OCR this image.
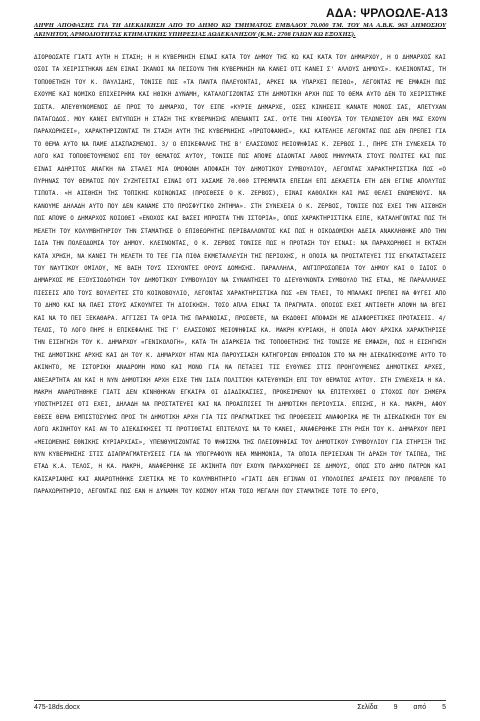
ΑΔΑ: ΨΡΛΟΩΛΕ-Α13
ΛΗΨΗ ΑΠΟΦΑΣΗΣ ΓΙΑ ΤΗ ΔΙΕΚΔΙΚΗΣΗ ΑΠΟ ΤΟ ΔΗΜΟ ΚΩ ΤΜΗΜΑΤΟΣ ΕΜΒΑΔΟΥ 70.000 ΤΜ. ΤΟΥ ΜΑ Α.Β.Κ. 963 ΔΗΜΟΣΙΟΥ ΑΚΙΝΗΤΟΥ, ΑΡΜΟΔΙΟΤΗΤΑΣ ΚΤΗΜΑΤΙΚΗΣ ΥΠΗΡΕΣΙΑΣ ΔΩΔΕΚΑΝΗΣΟΥ (Κ.Μ.: 2708 ΓΑΙΩΝ ΚΩ ΕΞΟΧΗΣ).

ΔΙΟΡΘΩΣΑΤΕ ΓΙΑΤΙ ΑΥΤΗ Η ΣΤΑΣΗ; Η Η ΚΥΒΕΡΝΗΣΗ ΕΙΝΑΙ ΚΑΤΑ ΤΟΥ ΔΗΜΟΥ ΤΗΣ ΚΩ ΚΑΙ ΚΑΤΑ ΤΟΥ ΔΗΜΑΡΧΟΥ, Η Ο ΔΗΜΑΡΧΟΣ ΚΑΙ ΟΣΟΙ ΤΑ ΧΕΙΡΙΣΤΗΚΑΝ ΔΕΝ ΕΙΝΑΙ ΙΚΑΝΟΙ ΝΑ ΠΕΙΣΟΥΝ ΤΗΝ ΚΥΒΕΡΝΗΣΗ ΝΑ ΚΑΝΕΙ ΟΤΙ ΚΑΝΕΙ Σ' ΑΛΛΟΥΣ ΔΗΜΟΥΣ». ΚΛΕΙΝΟΝΤΑΣ, ΤΗ ΤΟΠΟΘΕΤΗΣΗ ΤΟΥ Κ. ΠΑΥΛΙΔΗΣ, ΤΟΝΙΣΕ ΠΩΣ «ΤΑ ΠΑΝΤΑ ΠΑΛΕΥΟΝΤΑΙ, ΑΡΚΕΙ ΝΑ ΥΠΑΡΧΕΙ ΠΕΙΘΩ», ΛΕΓΟΝΤΑΣ ΜΕ ΕΜΦΑΣΗ ΠΩΣ ΕΧΟΥΜΕ ΚΑΙ ΝΟΜΙΚΟ ΕΠΙΧΕΙΡΗΜΑ ΚΑΙ ΗΘΙΚΗ ΔΥΝΑΜΗ, ΚΑΤΑΛΟΓΙΖΟΝΤΑΣ ΣΤΗ ΔΗΜΟΤΙΚΗ ΑΡΧΗ ΠΩΣ ΤΟ ΘΕΜΑ ΑΥΤΟ ΔΕΝ ΤΟ ΧΕΙΡΙΣΤΗΚΕ ΣΩΣΤΑ. ΑΠΕΥΘΥΝΟΜΕΝΟΣ ΔΕ ΠΡΟΣ ΤΟ ΔΗΜΑΡΧΟ, ΤΟΥ ΕΙΠΕ «ΚΥΡΙΕ ΔΗΜΑΡΧΕ, ΟΣΕΣ ΚΙΝΗΣΕΙΣ ΚΑΝΑΤΕ ΜΟΝΟΣ ΣΑΣ, ΑΠΕΤΥΧΑΝ ΠΑΤΑΓΩΔΩΣ. ΜΟΥ ΚΑΝΕΙ ΕΝΤΥΠΩΣΗ Η ΣΤΑΣΗ ΤΗΣ ΚΥΒΕΡΝΗΣΗΣ ΑΠΕΝΑΝΤΙ ΣΑΣ. ΟΥΤΕ ΤΗΝ ΑΙΘΟΥΣΑ ΤΟΥ ΤΕΛΩΝΕΙΟΥ ΔΕΝ ΜΑΣ ΕΧΟΥΝ ΠΑΡΑΧΩΡΗΣΕΙ», ΧΑΡΑΚΤΗΡΙΖΟΝΤΑΣ ΤΗ ΣΤΑΣΗ ΑΥΤΗ ΤΗΣ ΚΥΒΕΡΝΗΣΗΣ «ΠΡΩΤΟΦΑΝΗΣ», ΚΑΙ ΚΑΤΕΛΗΞΕ ΛΕΓΟΝΤΑΣ ΠΩΣ ΔΕΝ ΠΡΕΠΕΙ ΓΙΑ ΤΟ ΘΕΜΑ ΑΥΤΟ ΝΑ ΠΑΜΕ ΔΙΑΣΠΑΣΜΕΝΟΙ. 3/ Ο ΕΠΙΚΕΦΑΛΗΣ ΤΗΣ Β' ΕΛΑΣΣΟΝΟΣ ΜΕΙΟΨΗΦΙΑΣ Κ. ΖΕΡΒΟΣ Ι., ΠΗΡΕ ΣΤΗ ΣΥΝΕΧΕΙΑ ΤΟ ΛΟΓΟ ΚΑΙ ΤΟΠΟΘΕΤΟΥΜΕΝΟΣ ΕΠΙ ΤΟΥ ΘΕΜΑΤΟΣ ΑΥΤΟΥ, ΤΟΝΙΣΕ ΠΩΣ ΑΠΟΨΕ ΔΙΔΟΝΤΑΙ ΛΑΘΟΣ ΜΗΝΥΜΑΤΑ ΣΤΟΥΣ ΠΟΛΙΤΕΣ ΚΑΙ ΠΩΣ ΕΙΝΑΙ ΑΔΗΡΙΤΟΣ ΑΝΑΓΚΗ ΝΑ ΣΤΑΛΕΙ ΜΙΑ ΟΜΟΦΩΝΗ ΑΠΟΦΑΣΗ ΤΟΥ ΔΗΜΟΤΙΚΟΥ ΣΥΜΒΟΥΛΙΟΥ, ΛΕΓΟΝΤΑΣ ΧΑΡΑΚΤΗΡΙΣΤΙΚΑ ΠΩΣ «Ο ΠΥΡΗΝΑΣ ΤΟΥ ΘΕΜΑΤΟΣ ΠΟΥ ΣΥΖΗΤΕΙΤΑΙ ΕΙΝΑΙ ΟΤΙ ΧΑΣΑΜΕ 70.000 ΣΤΡΕΜΜΑΤΑ ΕΠΕΙΔΗ ΕΠΙ ΔΕΚΑΕΤΙΑ ΕΤΗ ΔΕΝ ΕΓΙΝΕ ΑΠΟΛΥΤΩΣ ΤΙΠΟΤΑ. «Η ΑΙΣΘΗΣΗ ΤΗΣ ΤΟΠΙΚΗΣ ΚΟΙΝΩΝΙΑΣ (ΠΡΟΣΘΕΣΕ Ο Κ. ΖΕΡΒΟΣ), ΕΙΝΑΙ ΚΑΘΟΛΙΚΗ ΚΑΙ ΜΑΣ ΘΕΛΕΙ ΕΝΩΜΕΝΟΥΣ. ΝΑ ΚΑΝΟΥΜΕ ΔΗΛΑΔΗ ΑΥΤΟ ΠΟΥ ΔΕΝ ΚΑΝΑΜΕ ΣΤΟ ΠΡΟΣΦΥΓΙΚΟ ΖΗΤΗΜΑ». ΣΤΗ ΣΥΝΕΧΕΙΑ Ο Κ. ΖΕΡΒΟΣ, ΤΟΝΙΣΕ ΠΩΣ ΕΧΕΙ ΤΗΝ ΑΙΣΘΗΣΗ ΠΩΣ ΑΠΟΨΕ Ο ΔΗΜΑΡΧΟΣ ΝΟΙΩΘΕΙ «ΕΝΟΧΟΣ ΚΑΙ ΒΑΣΕΙ ΜΠΡΟΣΤΑ ΤΗΝ ΙΣΤΟΡΙΑ», ΟΠΩΣ ΧΑΡΑΚΤΗΡΙΣΤΙΚΑ ΕΙΠΕ, ΚΑΤΑΛΗΓΟΝΤΑΣ ΠΩΣ ΤΗ ΜΕΛΕΤΗ ΤΟΥ ΚΟΛΥΜΒΗΤΗΡΙΟΥ ΤΗΝ ΣΤΑΜΑΤΗΣΕ Ο ΕΠΙΘΕΩΡΗΤΗΣ ΠΕΡΙΒΑΛΛΟΝΤΟΣ ΚΑΙ ΠΩΣ Η ΟΙΚΟΔΟΜΙΚΗ ΑΔΕΙΑ ΑΝΑΚΛΗΘΗΚΕ ΑΠΟ ΤΗΝ ΙΔΙΑ ΤΗΝ ΠΟΛΕΟΔΟΜΙΑ ΤΟΥ ΔΗΜΟΥ. ΚΛΕΙΝΟΝΤΑΣ, Ο Κ. ΖΕΡΒΟΣ ΤΟΝΙΣΕ ΠΩΣ Η ΠΡΟΤΑΣΗ ΤΟΥ ΕΙΝΑΙ: ΝΑ ΠΑΡΑΧΩΡΗΘΕΙ Η ΕΚΤΑΣΗ ΚΑΤΑ ΧΡΗΣΗ, ΝΑ ΚΑΝΕΙ ΤΗ ΜΕΛΕΤΗ ΤΟ ΤΕΕ ΓΙΑ ΠΙΘΑ ΕΚΜΕΤΑΛΛΕΥΣΗ ΤΗΣ ΠΕΡΙΟΧΗΣ, Η ΟΠΟΙΑ ΝΑ ΠΡΟΣΤΑΤΕΥΕΙ ΤΙΣ ΕΓΚΑΤΑΣΤΑΣΕΙΣ ΤΟΥ ΝΑΥΤΙΚΟΥ ΟΜΙΛΟΥ, ΜΕ ΒΑΣΗ ΤΟΥΣ ΙΣΧΥΟΝΤΕΣ ΟΡΟΥΣ ΔΟΜΗΣΗΣ. ΠΑΡΑΛΛΗΛΑ, ΑΝΤΙΠΡΟΣΩΠΕΙΑ ΤΟΥ ΔΗΜΟΥ ΚΑΙ Ο ΙΔΙΟΣ Ο ΔΗΜΑΡΧΟΣ ΜΕ ΕΞΟΥΣΙΟΔΟΤΗΣΗ ΤΟΥ ΔΗΜΟΤΙΚΟΥ ΣΥΜΒΟΥΛΙΟΥ ΝΑ ΣΥΝΑΝΤΗΣΕΙ ΤΟ ΔΙΕΥΘΥΝΟΝΤΑ ΣΥΜΒΟΥΛΟ ΤΗΣ ΕΤΑΔ, ΜΕ ΠΑΡΑΛΛΗΛΕΣ ΠΙΕΣΕΙΣ ΑΠΟ ΤΟΥΣ ΒΟΥΛΕΥΤΕΣ ΣΤΟ ΚΟΙΝΟΒΟΥΛΙΟ, ΛΕΓΟΝΤΑΣ ΧΑΡΑΚΤΗΡΙΣΤΙΚΑ ΠΩΣ «ΕΝ ΤΕΛΕΙ, ΤΟ ΜΠΑΛΑΚΙ ΠΡΕΠΕΙ ΝΑ ΦΥΓΕΙ ΑΠΟ ΤΟ ΔΗΜΟ ΚΑΙ ΝΑ ΠΑΕΙ ΣΤΟΥΣ ΑΣΚΟΥΝΤΕΣ ΤΗ ΔΙΟΙΚΗΣΗ. ΤΟΣΟ ΑΠΛΑ ΕΙΝΑΙ ΤΑ ΠΡΑΓΜΑΤΑ. ΟΠΟΙΟΣ ΕΧΕΙ ΑΝΤΙΘΕΤΗ ΑΠΟΨΗ ΝΑ ΒΓΕΙ ΚΑΙ ΝΑ ΤΟ ΠΕΙ ΞΕΚΑΘΑΡΑ. ΑΓΓΙΖΕΙ ΤΑ ΟΡΙΑ ΤΗΣ ΠΑΡΑΝΟΙΑΣ, ΠΡΟΣΘΕΤΕ, ΝΑ ΕΚΔΟΘΕΙ ΑΠΟΦΑΣΗ ΜΕ ΔΙΑΦΟΡΕΤΙΚΕΣ ΠΡΟΤΑΣΕΙΣ. 4/ ΤΕΛΟΣ, ΤΟ ΛΟΓΟ ΠΗΡΕ Η ΕΠΙΚΕΦΑΛΗΣ ΤΗΣ Γ' ΕΛΑΣΣΟΝΟΣ ΜΕΙΟΨΗΦΙΑΣ ΚΑ. ΜΑΚΡΗ ΚΥΡΙΑΚΗ, Η ΟΠΟΙΑ ΑΦΟΥ ΑΡΧΙΚΑ ΧΑΡΑΚΤΗΡΙΣΕ ΤΗΝ ΕΙΣΗΓΗΣΗ ΤΟΥ Κ. ΔΗΜΑΡΧΟΥ «ΓΕΝΙΚΟΛΟΓΗ», ΚΑΤΑ ΤΗ ΔΙΑΡΚΕΙΑ ΤΗΣ ΤΟΠΟΘΕΤΗΣΗΣ ΤΗΣ ΤΟΝΙΣΕ ΜΕ ΕΜΦΑΣΗ, ΠΩΣ Η ΕΙΣΗΓΗΣΗ ΤΗΣ ΔΗΜΟΤΙΚΗΣ ΑΡΧΗΣ ΚΑΙ ΔΗ ΤΟΥ Κ. ΔΗΜΑΡΧΟΥ ΗΤΑΝ ΜΙΑ ΠΑΡΟΥΣΙΑΣΗ ΚΑΤΗΓΟΡΙΩΝ ΕΜΠΟΔΙΩΝ ΣΤΟ ΝΑ ΜΗ ΔΙΕΚΔΙΚΗΣΟΥΜΕ ΑΥΤΟ ΤΟ ΑΚΙΝΗΤΟ, ΜΕ ΙΣΤΟΡΙΚΗ ΑΝΑΔΡΟΜΗ ΜΟΝΟ ΚΑΙ ΜΟΝΟ ΓΙΑ ΝΑ ΠΕΤΑΞΕΙ ΤΙΣ ΕΥΘΥΝΕΣ ΣΤΙΣ ΠΡΟΗΓΟΥΜΕΝΕΣ ΔΗΜΟΤΙΚΕΣ ΑΡΧΕΣ, ΑΝΕΞΑΡΤΗΤΑ ΑΝ ΚΑΙ Η ΝΥΝ ΔΗΜΟΤΙΚΗ ΑΡΧΗ ΕΙΧΕ ΤΗΝ ΙΔΙΑ ΠΟΛΙΤΙΚΗ ΚΑΤΕΥΘΥΝΣΗ ΕΠΙ ΤΟΥ ΘΕΜΑΤΟΣ ΑΥΤΟΥ. ΣΤΗ ΣΥΝΕΧΕΙΑ Η ΚΑ. ΜΑΚΡΗ ΑΝΑΡΩΤΗΘΗΚΕ ΓΙΑΤΙ ΔΕΝ ΚΙΝΗΘΗΚΑΝ ΕΓΚΑΙΡΑ ΟΙ ΔΙΑΔΙΚΑΣΙΕΣ, ΠΡΟΚΕΙΜΕΝΟΥ ΝΑ ΕΠΙΤΕΥΧΘΕΙ Ο ΣΤΟΧΟΣ ΠΟΥ ΣΗΜΕΡΑ ΥΠΟΣΤΗΡΙΖΕΙ ΟΤΙ ΕΧΕΙ, ΔΗΛΑΔΗ ΝΑ ΠΡΟΣΤΑΤΕΥΕΙ ΚΑΙ ΝΑ ΠΡΟΑΣΠΙΣΕΙ ΤΗ ΔΗΜΟΤΙΚΗ ΠΕΡΙΟΥΣΙΑ. ΕΠΙΣΗΣ, Η ΚΑ. ΜΑΚΡΗ, ΑΦΟΥ ΕΘΕΣΕ ΘΕΜΑ ΕΜΠΙΣΤΟΣΥΝΗΣ ΠΡΟΣ ΤΗ ΔΗΜΟΤΙΚΗ ΑΡΧΗ ΓΙΑ ΤΙΣ ΠΡΑΓΜΑΤΙΚΕΣ ΤΗΣ ΠΡΟΘΕΣΕΙΣ ΑΝΑΦΟΡΙΚΑ ΜΕ ΤΗ ΔΙΕΚΔΙΚΗΣΗ ΤΟΥ ΕΝ ΛΟΓΩ ΑΚΙΝΗΤΟΥ ΚΑΙ ΑΝ ΤΟ ΔΙΕΚΔΙΚΗΣΕΙ ΤΙ ΠΡΟΤΙΘΕΤΑΙ ΕΠΙΤΕΛΟΥΣ ΝΑ ΤΟ ΚΑΝΕΙ, ΑΝΑΦΕΡΘΗΚΕ ΣΤΗ ΡΗΣΗ ΤΟΥ Κ. ΔΗΜΑΡΧΟΥ ΠΕΡΙ «ΜΕΙΩΜΕΝΗΣ ΕΘΝΙΚΗΣ ΚΥΡΙΑΡΧΙΑΣ», ΥΠΕΝΘΥΜΙΖΟΝΤΑΣ ΤΟ ΨΗΦΙΣΜΑ ΤΗΣ ΠΛΕΙΟΨΗΦΙΑΣ ΤΟΥ ΔΗΜΟΤΙΚΟΥ ΣΥΜΒΟΥΛΙΟΥ ΓΙΑ ΣΤΗΡΙΞΗ ΤΗΣ ΝΥΝ ΚΥΒΕΡΝΗΣΗΣ ΣΤΙΣ ΔΙΑΠΡΑΓΜΑΤΕΥΣΕΙΣ ΓΙΑ ΝΑ ΥΠΟΓΡΑΦΟΥΝ ΝΕΑ ΜΝΗΜΟΝΙΑ, ΤΑ ΟΠΟΙΑ ΠΕΡΙΕΙΧΑΝ ΤΗ ΔΡΑΣΗ ΤΟΥ ΤΑΙΠΕΔ, ΤΗΣ ΕΤΑΔ Κ.Α. ΤΕΛΟΣ, Η ΚΑ. ΜΑΚΡΗ, ΑΝΑΦΕΡΘΗΚΕ ΣΕ ΑΚΙΝΗΤΑ ΠΟΥ ΕΧΟΥΝ ΠΑΡΑΧΩΡΗΘΕΙ ΣΕ ΔΗΜΟΥΣ, ΟΠΩΣ ΣΤΟ ΔΗΜΟ ΠΑΤΡΩΝ ΚΑΙ ΚΑΙΣΑΡΙΑΝΗΣ ΚΑΙ ΑΝΑΡΩΤΗΘΗΚΕ ΣΧΕΤΙΚΑ ΜΕ ΤΟ ΚΟΛΥΜΒΗΤΗΡΙΟ «ΓΙΑΤΙ ΔΕΝ ΕΓΙΝΑΝ ΟΙ ΥΠΟΛΟΙΠΕΣ ΔΡΑΣΕΙΣ ΠΟΥ ΠΡΟΒΛΕΠΕ ΤΟ ΠΑΡΑΧΩΡΗΤΗΡΙΟ, ΛΕΓΟΝΤΑΣ ΠΩΣ ΕΑΝ Η ΔΥΝΑΜΗ ΤΟΥ ΚΟΣΜΟΥ ΗΤΑΝ ΤΟΣΟ ΜΕΓΑΛΗ ΠΟΥ ΣΤΑΜΑΤΗΣΕ ΤΟΤΕ ΤΟ ΕΡΓΟ,

475-18ds.docx	Σελίδα 9 από 5
